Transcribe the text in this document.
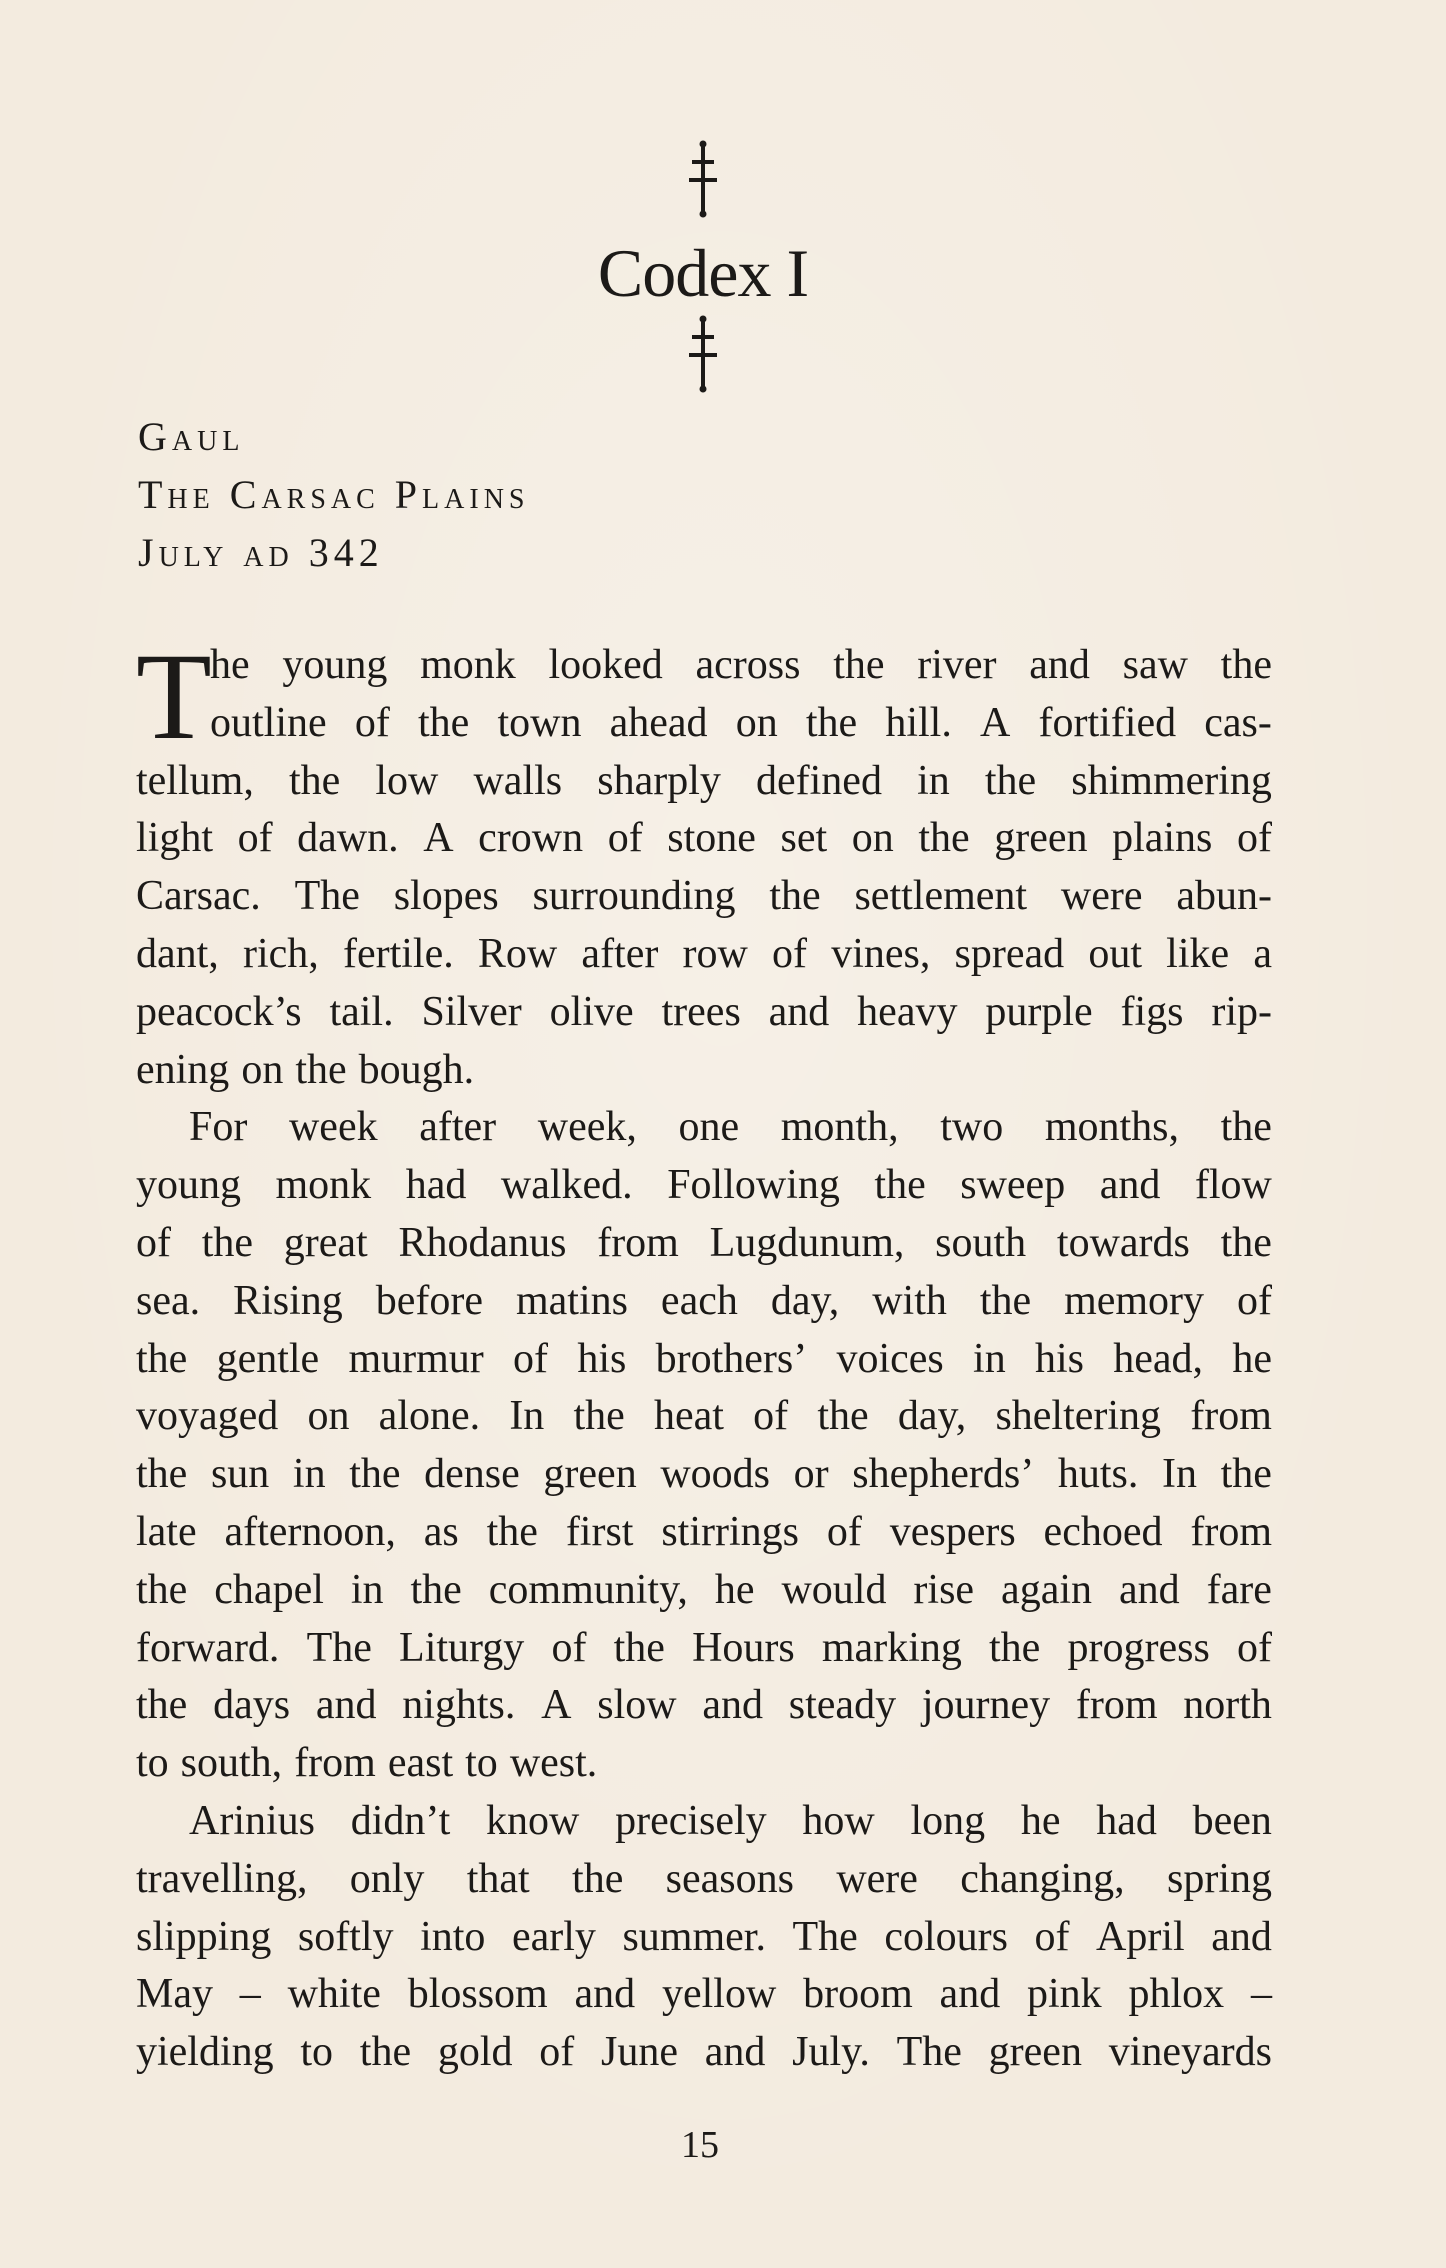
Codex I
Gaul
The Carsac Plains
July ad 342
T
he young monk looked across the river and saw the
outline of the town ahead on the hill. A fortified cas-
tellum, the low walls sharply defined in the shimmering
light of dawn. A crown of stone set on the green plains of
Carsac. The slopes surrounding the settlement were abun-
dant, rich, fertile. Row after row of vines, spread out like a
peacock’s tail. Silver olive trees and heavy purple figs rip-
ening on the bough.
For week after week, one month, two months, the
young monk had walked. Following the sweep and flow
of the great Rhodanus from Lugdunum, south towards the
sea. Rising before matins each day, with the memory of
the gentle murmur of his brothers’ voices in his head, he
voyaged on alone. In the heat of the day, sheltering from
the sun in the dense green woods or shepherds’ huts. In the
late afternoon, as the first stirrings of vespers echoed from
the chapel in the community, he would rise again and fare
forward. The Liturgy of the Hours marking the progress of
the days and nights. A slow and steady journey from north
to south, from east to west.
Arinius didn’t know precisely how long he had been
travelling, only that the seasons were changing, spring
slipping softly into early summer. The colours of April and
May – white blossom and yellow broom and pink phlox –
yielding to the gold of June and July. The green vineyards
15
